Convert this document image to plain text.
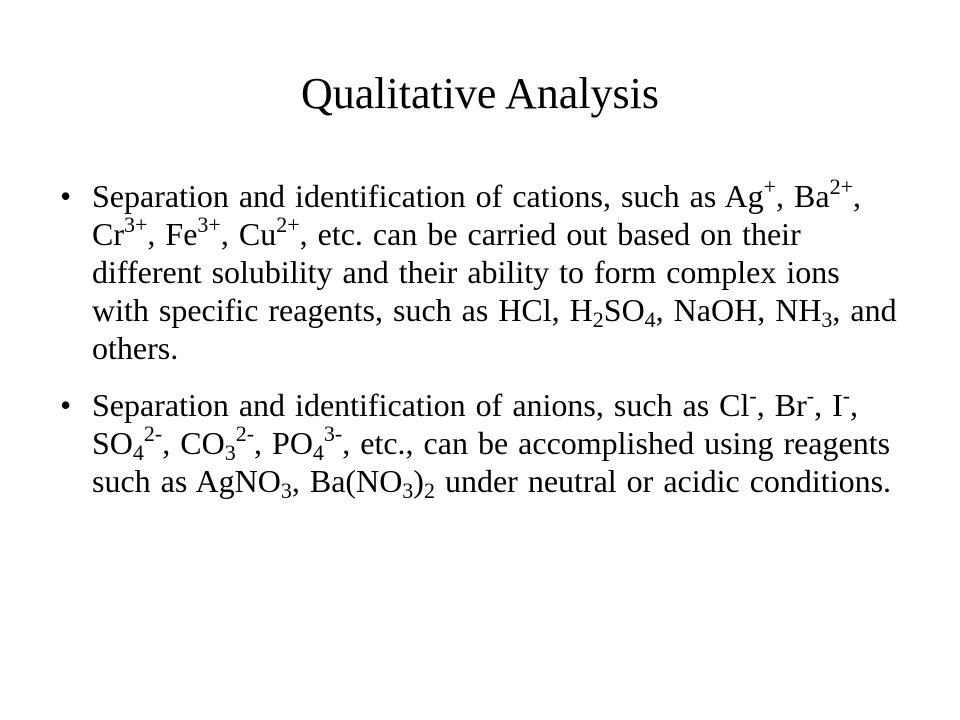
Qualitative Analysis
• Separation and identification of cations, such as Ag+, $Ba^{2+}$, $Cr^{3+}$, $Fe^{3+}$, $Cu^{2+}$, etc. can be carried out based on their different solubility and their ability to form complex ions with specific reagents, such as HCl, $H_2SO_4$, NaOH, $NH_3$, and others.
• Separation and identification of anions, such as Cl-, Br-, I-, $SO_4^{2-}$, $CO_3^{2-}$, $PO_4^{3-}$, etc., can be accomplished using reagents such as AgNO$_3$, $Ba(NO_3)_2$ under neutral or acidic conditions.
